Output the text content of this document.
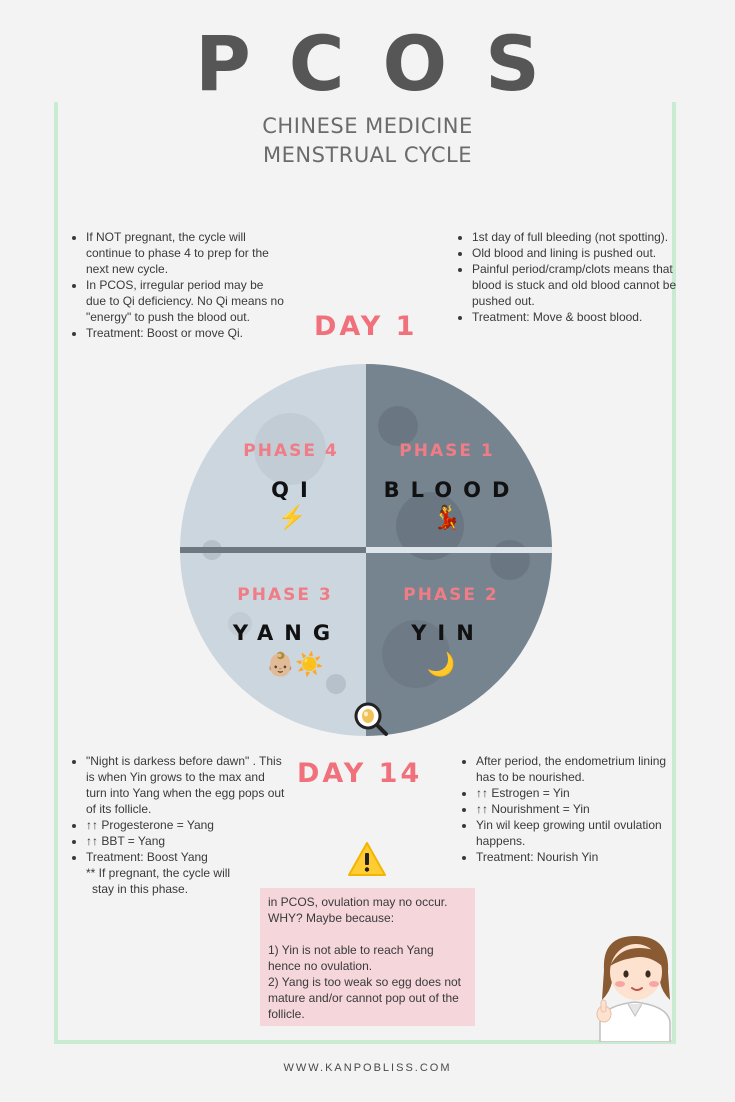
PCOS
CHINESE MEDICINE
MENSTRUAL CYCLE
• If NOT pregnant, the cycle will continue to phase 4 to prep for the next new cycle.
• In PCOS, irregular period may be due to Qi deficiency. No Qi means no "energy" to push the blood out.
• Treatment: Boost or move Qi.
• 1st day of full bleeding (not spotting).
• Old blood and lining is pushed out.
• Painful period/cramp/clots means that blood is stuck and old blood cannot be pushed out.
• Treatment: Move & boost blood.
DAY 1
PHASE 4	PHASE 1
PHASE 3	PHASE 2
QI	BLOOD
YANG	YIN
⚡	💃
👶🏼☀️	🌙
• "Night is darkess before dawn" . This is when Yin grows to the max and turn into Yang when the egg pops out of its follicle.
• ↑↑ Progesterone = Yang
• ↑↑ BBT = Yang
• Treatment: Boost Yang
** If pregnant, the cycle will
stay in this phase.
DAY 14
•	After period, the endometrium lining has to be nourished.
• ↑↑ Estrogen = Yin
• ↑↑ Nourishment = Yin
• Yin wil keep growing until ovulation happens.
• Treatment: Nourish Yin

in PCOS, ovulation may no occur. WHY? Maybe because:

1) Yin is not able to reach Yang hence no ovulation.

2) Yang is too weak so egg does not mature and/or cannot pop out of the follicle.

WWW.KANPOBLISS.COM
